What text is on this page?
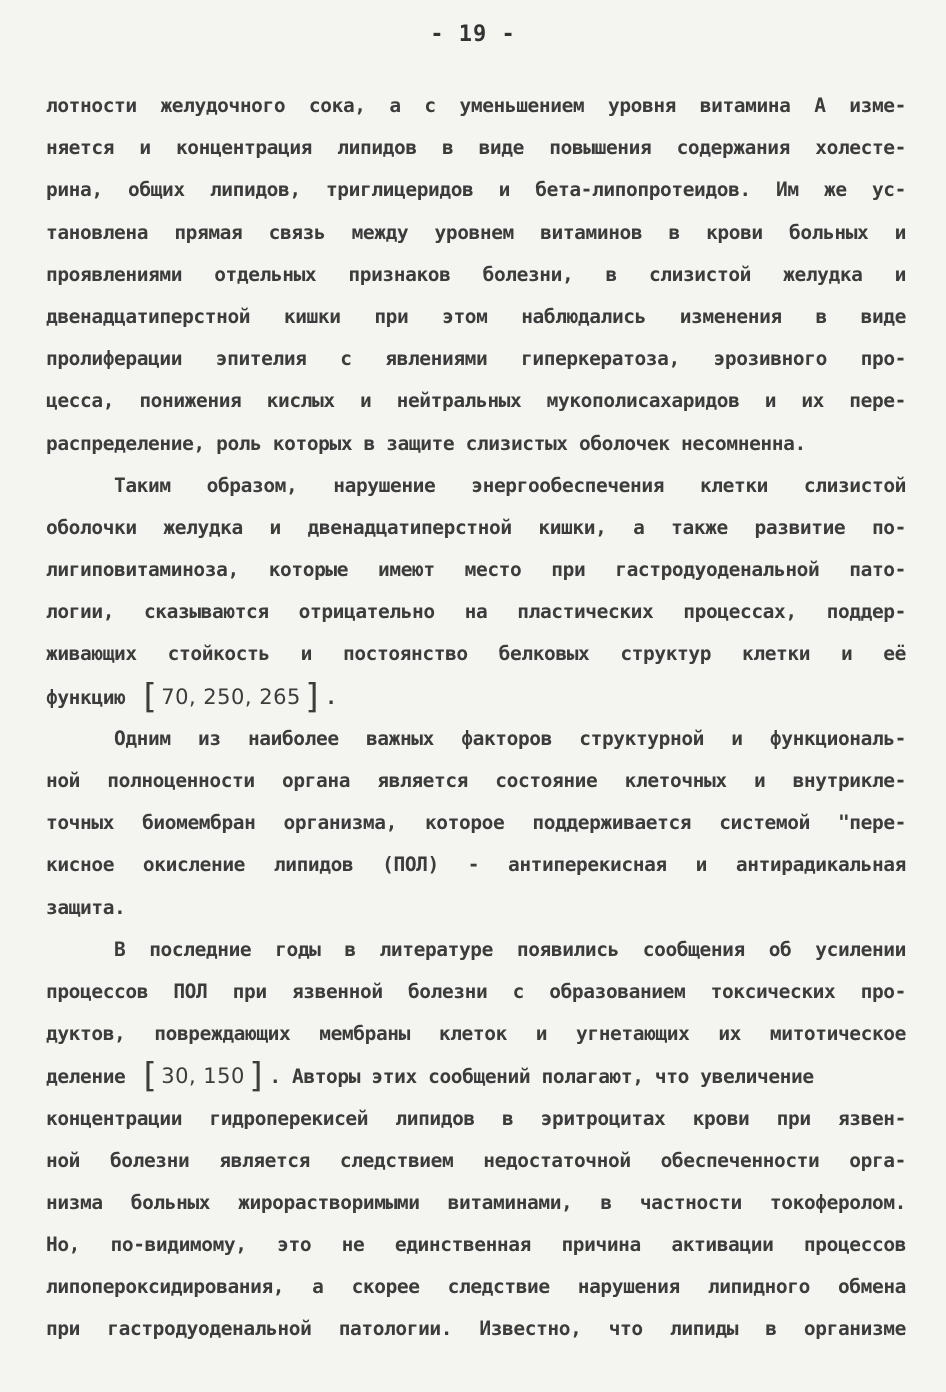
- 19 -
лотности желудочного сока, а с уменьшением уровня витамина А изме-
няется и концентрация липидов в виде повышения содержания холесте-
рина, общих липидов, триглицеридов и бета-липопротеидов. Им же ус-
тановлена прямая связь между уровнем витаминов в крови больных и
проявлениями отдельных признаков болезни, в слизистой желудка и
двенадцатиперстной кишки при этом наблюдались изменения в виде
пролиферации эпителия с явлениями гиперкератоза, эрозивного про-
цесса, понижения кислых и нейтральных мукополисахаридов и их пере-
распределение, роль которых в защите слизистых оболочек несомненна.
Таким образом, нарушение энергообеспечения клетки слизистой
оболочки желудка и двенадцатиперстной кишки, а также развитие по-
лигиповитаминоза, которые имеют место при гастродуоденальной пато-
логии, сказываются отрицательно на пластических процессах, поддер-
живающих стойкость и постоянство белковых структур клетки и её
функцию [70, 250, 265] .
Одним из наиболее важных факторов структурной и функциональ-
ной полноценности органа является состояние клеточных и внутрикле-
точных биомембран организма, которое поддерживается системой "пере-
кисное окисление липидов (ПОЛ) - антиперекисная и антирадикальная
защита.
В последние годы в литературе появились сообщения об усилении
процессов ПОЛ при язвенной болезни с образованием токсических про-
дуктов, повреждающих мембраны клеток и угнетающих их митотическое
деление [30, 150] . Авторы этих сообщений полагают, что увеличение
концентрации гидроперекисей липидов в эритроцитах крови при язвен-
ной болезни является следствием недостаточной обеспеченности орга-
низма больных жирорастворимыми витаминами, в частности токоферолом.
Но, по-видимому, это не единственная причина активации процессов
липопероксидирования, а скорее следствие нарушения липидного обмена
при гастродуоденальной патологии. Известно, что липиды в организме
